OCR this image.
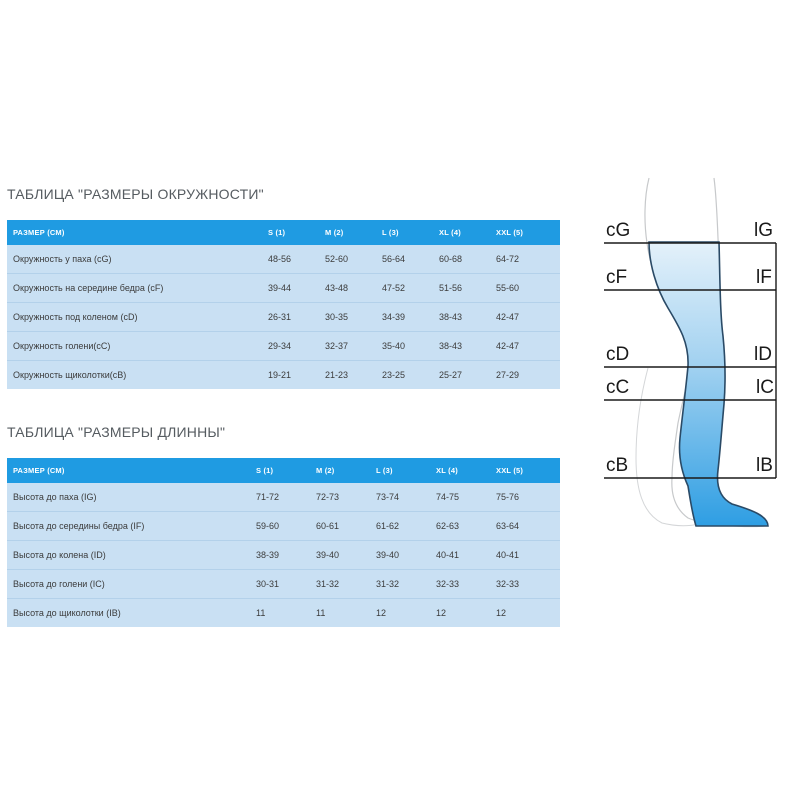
ТАБЛИЦА "РАЗМЕРЫ ОКРУЖНОСТИ"
РАЗМЕР (СМ)	S (1)	M (2)	L (3)	XL (4)	XXL (5)
Окружность у паха (cG)	48-56	52-60	56-64	60-68	64-72
Окружность на середине бедра (cF)	39-44	43-48	47-52	51-56	55-60
Окружность под коленом (cD)	26-31	30-35	34-39	38-43	42-47
Окружность голени(cC)	29-34	32-37	35-40	38-43	42-47
Окружность щиколотки(cB)	19-21	21-23	23-25	25-27	27-29
ТАБЛИЦА "РАЗМЕРЫ ДЛИННЫ"
РАЗМЕР (СМ)	S (1)	M (2)	L (3)	XL (4)	XXL (5)
Высота до паха (IG)	71-72	72-73	73-74	74-75	75-76
Высота до середины бедра (IF)	59-60	60-61	61-62	62-63	63-64
Высота до колена (ID)	38-39	39-40	39-40	40-41	40-41
Высота до голени (IC)	30-31	31-32	31-32	32-33	32-33
Высота до щиколотки (IB)	11	11	12	12	12
cG	lG
cF	lF
cD	lD
cC	lC
cB	lB
